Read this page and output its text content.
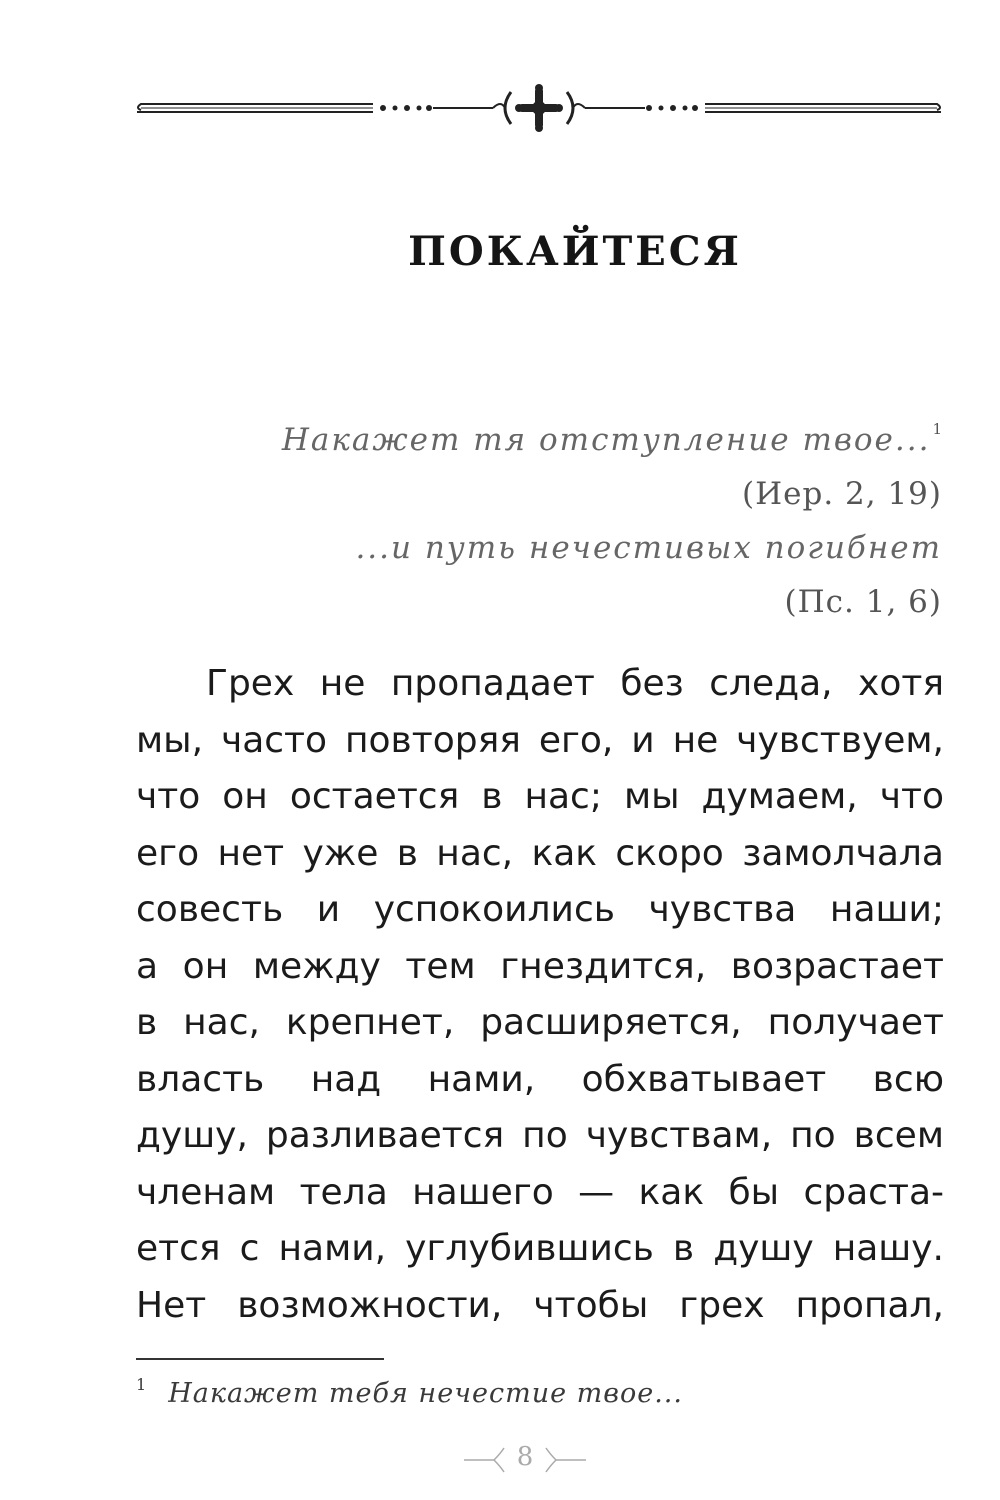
ПОКАЙТЕСЯ
Накажет тя отступление твое... $^1$
(Иер. 2, 19)
...и путь нечестивых погибнет
(Пс. 1, 6)
Грех не пропадает без следа, хотя
мы, часто повторяя его, и не чувствуем,
что он остается в нас; мы думаем, что
его нет уже в нас, как скоро замолчала
совесть и успокоились чувства наши;
а он между тем гнездится, возрастает
в нас, крепнет, расширяется, получает
власть над нами, обхватывает всю
душу, разливается по чувствам, по всем
членам тела нашего — как бы сраста-
ется с нами, углубившись в душу нашу.
Нет возможности, чтобы грех пропал,
$^1$ Накажет тебя нечестие твое...
8
